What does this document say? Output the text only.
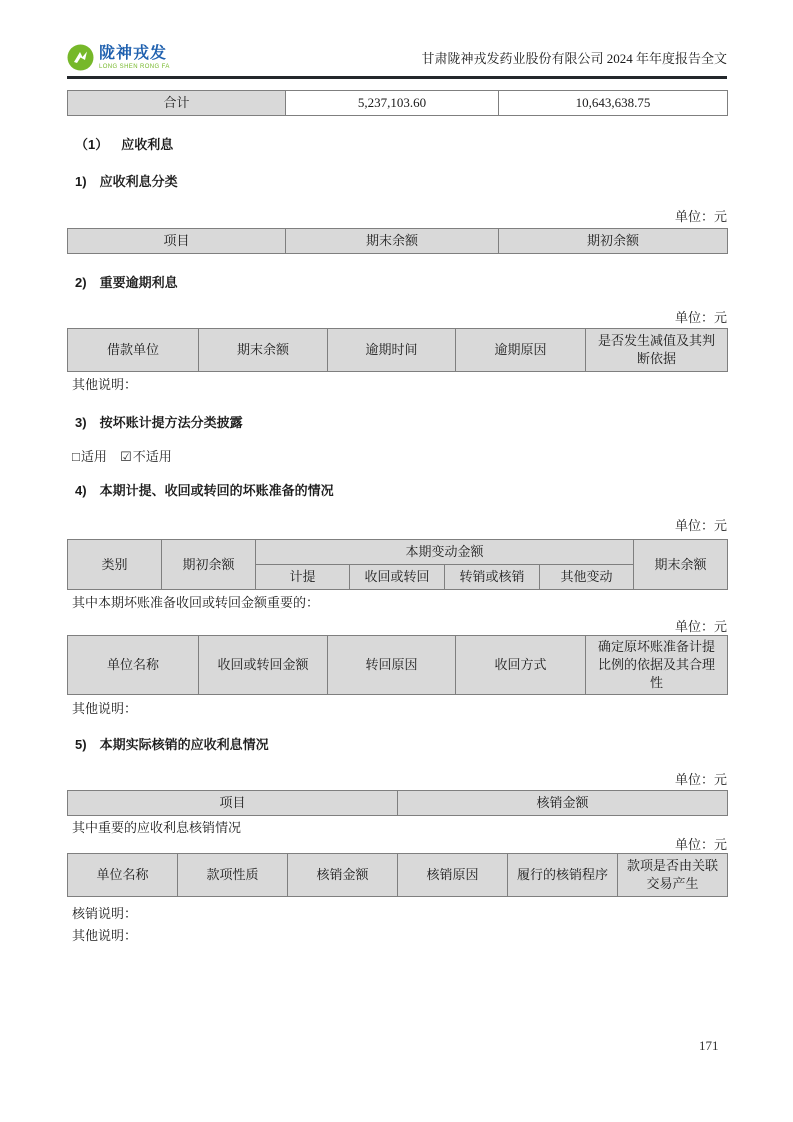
陇神戎发
LONG SHEN RONG FA
甘肃陇神戎发药业股份有限公司 2024 年年度报告全文
合计	5,237,103.60	10,643,638.75
（1） 应收利息
1) 应收利息分类
单位：元
项目	期末余额	期初余额
2) 重要逾期利息
单位：元
借款单位	期末余额	逾期时间	逾期原因	是否发生减值及其判断依据
其他说明：
3) 按坏账计提方法分类披露
□适用 ☑不适用
4) 本期计提、收回或转回的坏账准备的情况
单位：元
类别	期初余额	本期变动金额				期末余额
		计提	收回或转回	转销或核销	其他变动	
其中本期坏账准备收回或转回金额重要的：
单位：元
单位名称	收回或转回金额	转回原因	收回方式	确定原坏账准备计提比例的依据及其合理性
其他说明：
5) 本期实际核销的应收利息情况
单位：元
项目	核销金额
其中重要的应收利息核销情况
单位：元
单位名称	款项性质	核销金额	核销原因	履行的核销程序	款项是否由关联交易产生
核销说明：
其他说明：
171
